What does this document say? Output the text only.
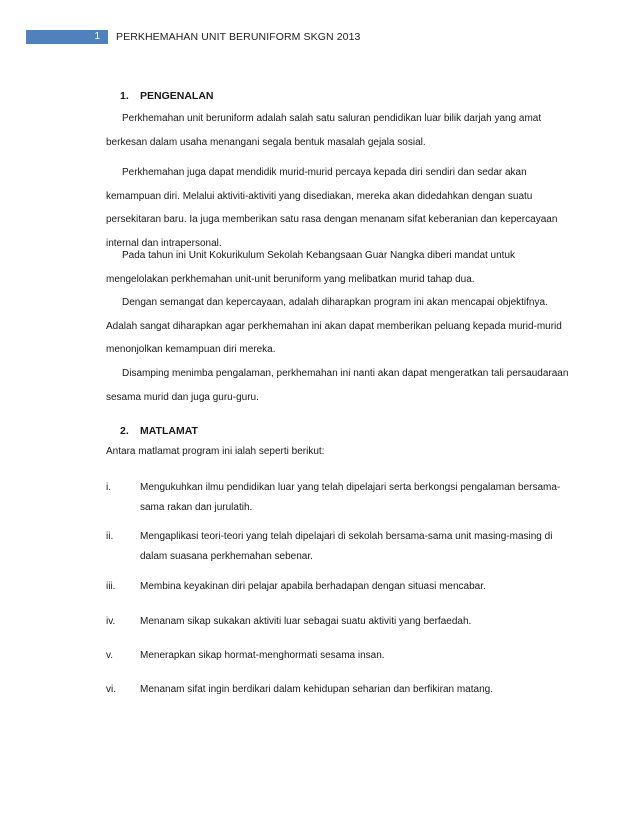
1	PERKHEMAHAN UNIT BERUNIFORM SKGN 2013
1. PENGENALAN

Perkhemahan unit beruniform adalah salah satu saluran pendidikan luar bilik darjah yang amat berkesan dalam usaha menangani segala bentuk masalah gejala sosial.

Perkhemahan juga dapat mendidik murid-murid percaya kepada diri sendiri dan sedar akan kemampuan diri. Melalui aktiviti-aktiviti yang disediakan, mereka akan didedahkan dengan suatu persekitaran baru. Ia juga memberikan satu rasa dengan menanam sifat keberanian dan kepercayaan internal dan intrapersonal.

Pada tahun ini Unit Kokurikulum Sekolah Kebangsaan Guar Nangka diberi mandat untuk mengelolakan perkhemahan unit-unit beruniform yang melibatkan murid tahap dua.

Dengan semangat dan kepercayaan, adalah diharapkan program ini akan mencapai objektifnya. Adalah sangat diharapkan agar perkhemahan ini akan dapat memberikan peluang kepada murid-murid menonjolkan kemampuan diri mereka.

Disamping menimba pengalaman, perkhemahan ini nanti akan dapat mengeratkan tali persaudaraan sesama murid dan juga guru-guru.

2. MATLAMAT

Antara matlamat program ini ialah seperti berikut:

i.	Mengukuhkan ilmu pendidikan luar yang telah dipelajari serta berkongsi pengalaman bersama-sama rakan dan jurulatih.
ii.	Mengaplikasi teori-teori yang telah dipelajari di sekolah bersama-sama unit masing-masing di dalam suasana perkhemahan sebenar.
iii.	Membina keyakinan diri pelajar apabila berhadapan dengan situasi mencabar.
iv.	Menanam sikap sukakan aktiviti luar sebagai suatu aktiviti yang berfaedah.
v.	Menerapkan sikap hormat-menghormati sesama insan.
vi.	Menanam sifat ingin berdikari dalam kehidupan seharian dan berfikiran matang.
